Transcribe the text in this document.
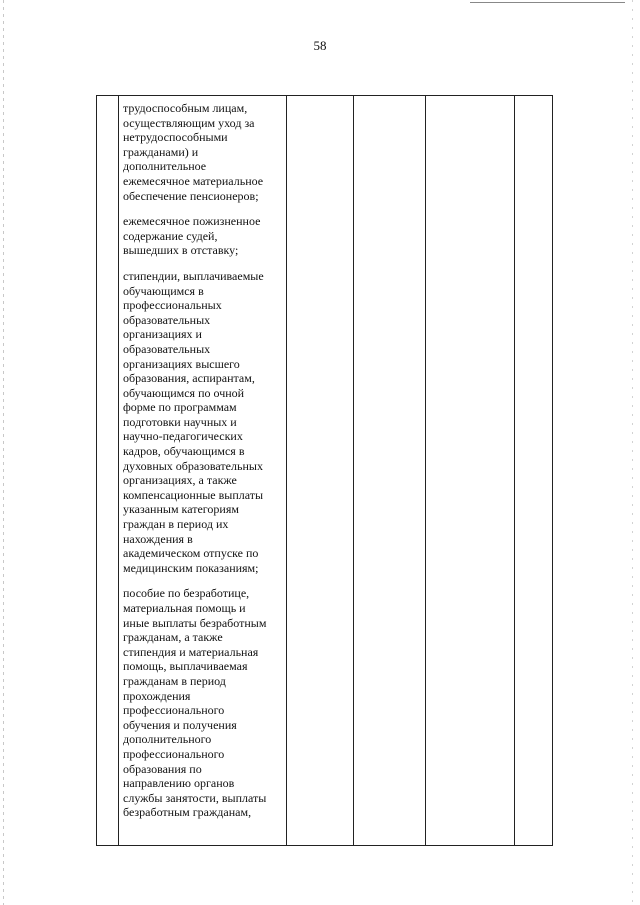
58

трудоспособным лицам,
осуществляющим уход за
нетрудоспособными
гражданами) и
дополнительное
ежемесячное материальное
обеспечение пенсионеров;
ежемесячное пожизненное
содержание судей,
вышедших в отставку;
стипендии, выплачиваемые
обучающимся в
профессиональных
образовательных
организациях и
образовательных
организациях высшего
образования, аспирантам,
обучающимся по очной
форме по программам
подготовки научных и
научно-педагогических
кадров, обучающимся в
духовных образовательных
организациях, а также
компенсационные выплаты
указанным категориям
граждан в период их
нахождения в
академическом отпуске по
медицинским показаниям;
пособие по безработице,
материальная помощь и
иные выплаты безработным
гражданам, а также
стипендия и материальная
помощь, выплачиваемая
гражданам в период
прохождения
профессионального
обучения и получения
дополнительного
профессионального
образования по
направлению органов
службы занятости, выплаты
безработным гражданам,
